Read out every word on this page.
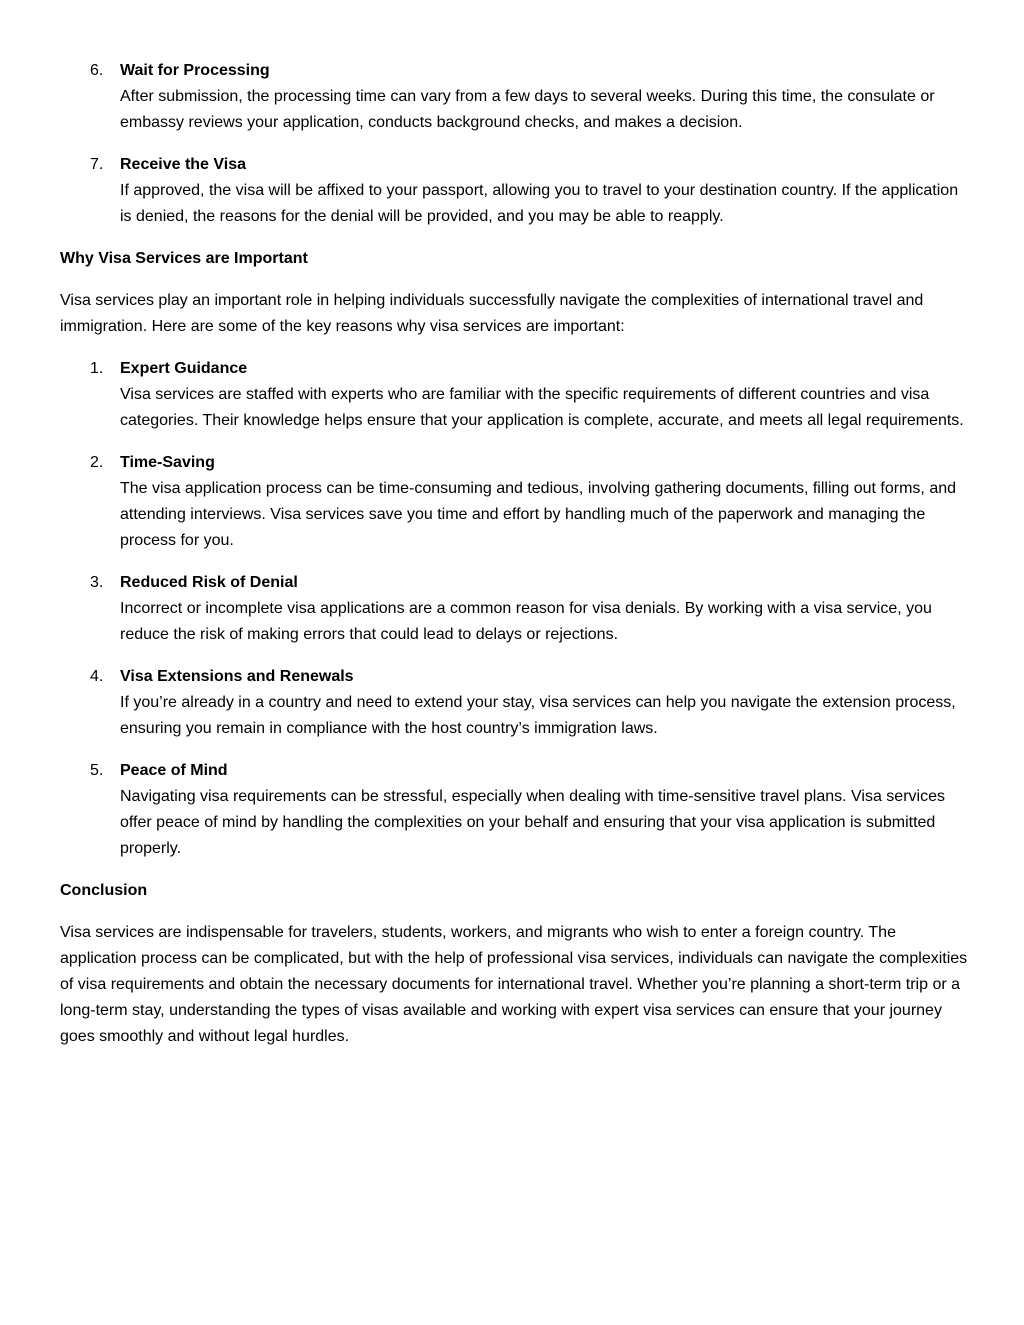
6.	Wait for Processing
After submission, the processing time can vary from a few days to several weeks. During this time, the consulate or embassy reviews your application, conducts background checks, and makes a decision.
7.	Receive the Visa
If approved, the visa will be affixed to your passport, allowing you to travel to your destination country. If the application is denied, the reasons for the denial will be provided, and you may be able to reapply.

Why Visa Services are Important

Visa services play an important role in helping individuals successfully navigate the complexities of international travel and immigration. Here are some of the key reasons why visa services are important:

1.	Expert Guidance
Visa services are staffed with experts who are familiar with the specific requirements of different countries and visa categories. Their knowledge helps ensure that your application is complete, accurate, and meets all legal requirements.
2.	Time-Saving
The visa application process can be time-consuming and tedious, involving gathering documents, filling out forms, and attending interviews. Visa services save you time and effort by handling much of the paperwork and managing the process for you.
3.	Reduced Risk of Denial
Incorrect or incomplete visa applications are a common reason for visa denials. By working with a visa service, you reduce the risk of making errors that could lead to delays or rejections.
4.	Visa Extensions and Renewals
If you’re already in a country and need to extend your stay, visa services can help you navigate the extension process, ensuring you remain in compliance with the host country’s immigration laws.
5.	Peace of Mind
Navigating visa requirements can be stressful, especially when dealing with time-sensitive travel plans. Visa services offer peace of mind by handling the complexities on your behalf and ensuring that your visa application is submitted properly.

Conclusion

Visa services are indispensable for travelers, students, workers, and migrants who wish to enter a foreign country. The application process can be complicated, but with the help of professional visa services, individuals can navigate the complexities of visa requirements and obtain the necessary documents for international travel. Whether you’re planning a short-term trip or a long-term stay, understanding the types of visas available and working with expert visa services can ensure that your journey goes smoothly and without legal hurdles.
